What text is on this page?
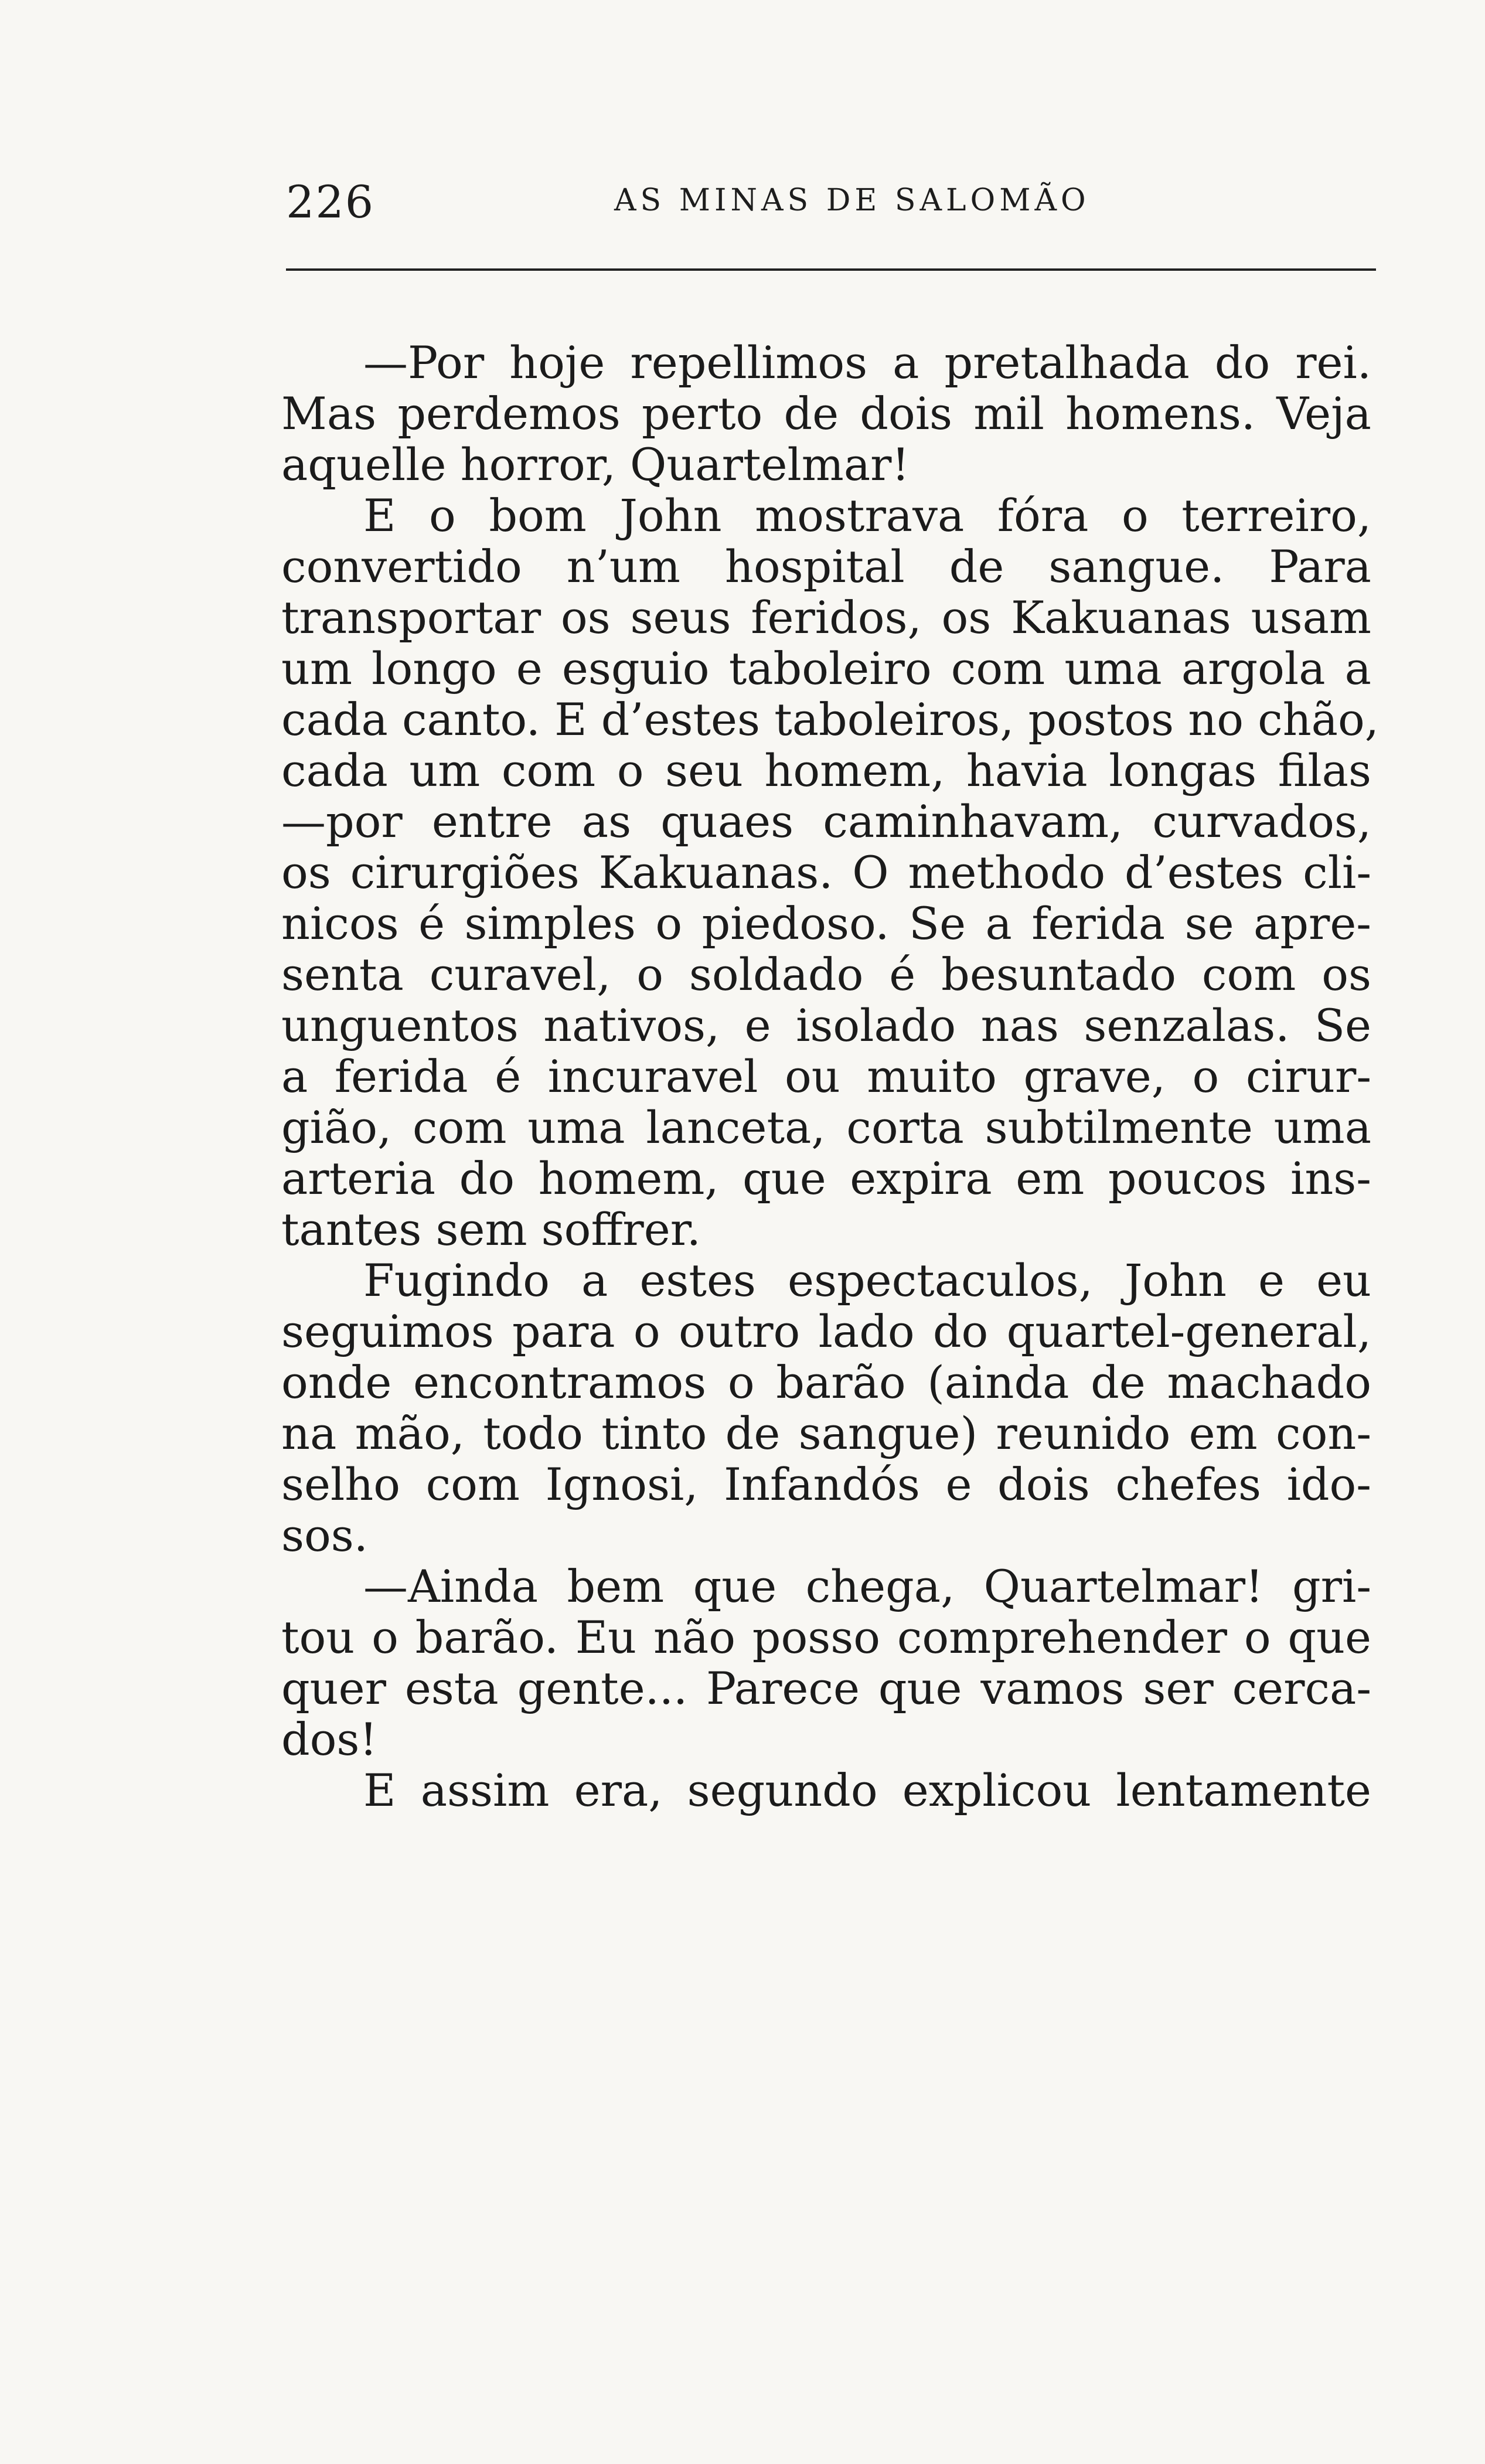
226	AS MINAS DE SALOMÃO
—Por hoje repellimos a pretalhada do rei.
Mas perdemos perto de dois mil homens. Veja
aquelle horror, Quartelmar!
E o bom John mostrava fóra o terreiro,
convertido n’um hospital de sangue. Para
transportar os seus feridos, os Kakuanas usam
um longo e esguio taboleiro com uma argola a
cada canto. E d’estes taboleiros, postos no chão,
cada um com o seu homem, havia longas filas
—por entre as quaes caminhavam, curvados,
os cirurgiões Kakuanas. O methodo d’estes cli-
nicos é simples o piedoso. Se a ferida se apre-
senta curavel, o soldado é besuntado com os
unguentos nativos, e isolado nas senzalas. Se
a ferida é incuravel ou muito grave, o cirur-
gião, com uma lanceta, corta subtilmente uma
arteria do homem, que expira em poucos ins-
tantes sem soffrer.
Fugindo a estes espectaculos, John e eu
seguimos para o outro lado do quartel-general,
onde encontramos o barão (ainda de machado
na mão, todo tinto de sangue) reunido em con-
selho com Ignosi, Infandós e dois chefes ido-
sos.
—Ainda bem que chega, Quartelmar! gri-
tou o barão. Eu não posso comprehender o que
quer esta gente... Parece que vamos ser cerca-
dos!
E assim era, segundo explicou lentamente
